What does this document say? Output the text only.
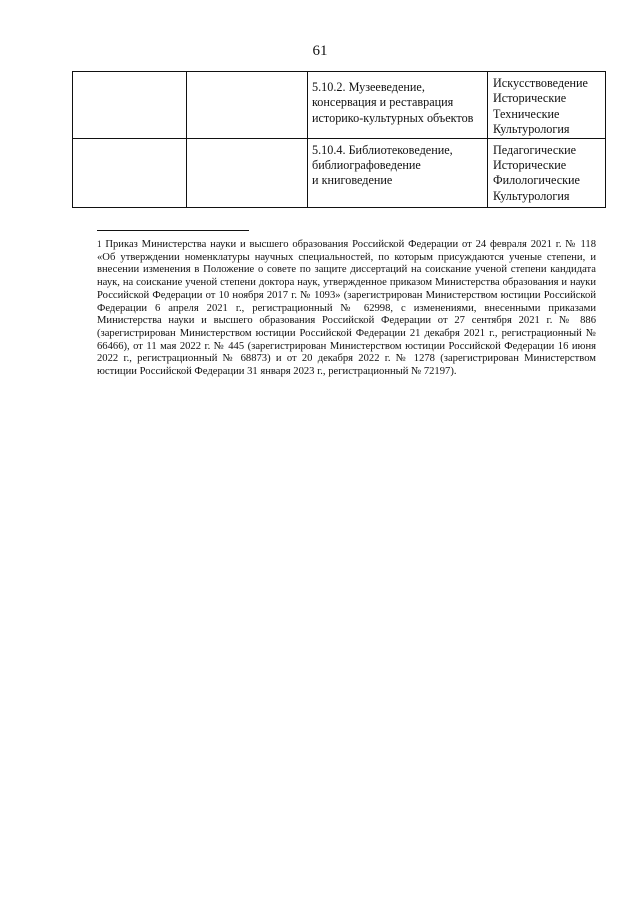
61
		5.10.2. Музееведение,
консервация и реставрация
историко-культурных объектов	Искусствоведение
Исторические
Технические
Культурология
		5.10.4. Библиотековедение,
библиографоведение
и книговедение	Педагогические
Исторические
Филологические
Культурология
1 Приказ Министерства науки и высшего образования Российской Федерации от 24 февраля 2021 г. № 118 «Об утверждении номенклатуры научных специальностей, по которым присуждаются ученые степени, и внесении изменения в Положение о совете по защите диссертаций на соискание ученой степени кандидата наук, на соискание ученой степени доктора наук, утвержденное приказом Министерства образования и науки Российской Федерации от 10 ноября 2017 г. № 1093» (зарегистрирован Министерством юстиции Российской Федерации 6 апреля 2021 г., регистрационный № 62998, с изменениями, внесенными приказами Министерства науки и высшего образования Российской Федерации от 27 сентября 2021 г. № 886 (зарегистрирован Министерством юстиции Российской Федерации 21 декабря 2021 г., регистрационный № 66466), от 11 мая 2022 г. № 445 (зарегистрирован Министерством юстиции Российской Федерации 16 июня 2022 г., регистрационный № 68873) и от 20 декабря 2022 г. № 1278 (зарегистрирован Министерством юстиции Российской Федерации 31 января 2023 г., регистрационный № 72197).
